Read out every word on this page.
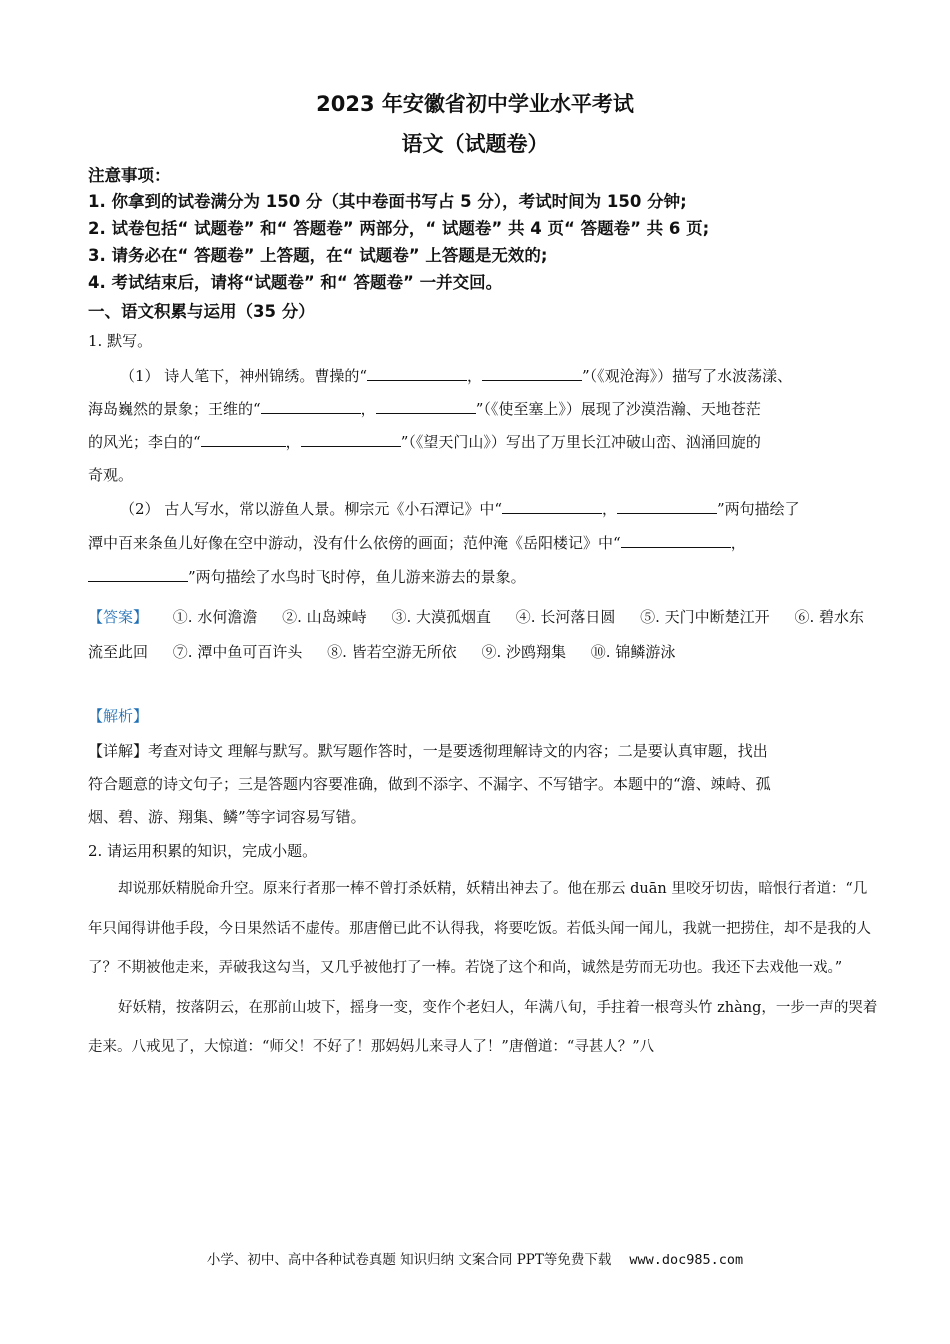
2023 年安徽省初中学业水平考试
语文（试题卷）
注意事项：
1. 你拿到的试卷满分为 150 分（其中卷面书写占 5 分），考试时间为 150 分钟;
2. 试卷包括“ 试题卷” 和“ 答题卷” 两部分，“ 试题卷” 共 4 页“ 答题卷” 共 6 页;
3. 请务必在“ 答题卷” 上答题，在“ 试题卷” 上答题是无效的;
4. 考试结束后，请将“试题卷” 和“ 答题卷” 一并交回。
一、语文积累与运用（35 分）
1. 默写。
（1） 诗人笔下，神州锦绣。曹操的“	，	”（《观沧海》）描写了水波荡漾、
海岛巍然的景象；王维的“	，	”（《使至塞上》）展现了沙漠浩瀚、天地苍茫
的风光；李白的“	，	”（《望天门山》）写出了万里长江冲破山峦、汹涌回旋的
奇观。
（2） 古人写水，常以游鱼人景。柳宗元《小石潭记》中“	，	”两句描绘了
潭中百来条鱼儿好像在空中游动，没有什么依傍的画面；范仲淹《岳阳楼记》中“	，
”两句描绘了水鸟时飞时停，鱼儿游来游去的景象。
【答案】 ①. 水何澹澹 ②. 山岛竦峙 ③. 大漠孤烟直 ④. 长河落日圆 ⑤. 天门中断楚江开 ⑥. 碧水东流至此回 ⑦. 潭中鱼可百许头 ⑧. 皆若空游无所依 ⑨. 沙鸥翔集 ⑩. 锦鳞游泳
【解析】
【详解】考查对诗文 理解与默写。默写题作答时，一是要透彻理解诗文的内容；二是要认真审题，找出
符合题意的诗文句子；三是答题内容要准确，做到不添字、不漏字、不写错字。本题中的“澹、竦峙、孤
烟、碧、游、翔集、鳞”等字词容易写错。
2. 请运用积累的知识，完成小题。

却说那妖精脱命升空。原来行者那一棒不曾打杀妖精，妖精出神去了。他在那云 duān 里咬牙切齿，暗恨行者道：“几年只闻得讲他手段，今日果然话不虚传。那唐僧已此不认得我，将要吃饭。若低头闻一闻儿，我就一把捞住，却不是我的人了？不期被他走来，弄破我这勾当，又几乎被他打了一棒。若饶了这个和尚，诚然是劳而无功也。我还下去戏他一戏。”

好妖精，按落阴云，在那前山坡下，摇身一变，变作个老妇人，年满八旬，手拄着一根弯头竹 zhàng，一步一声的哭着走来。八戒见了，大惊道：“师父！不好了！那妈妈儿来寻人了！”唐僧道：“寻甚人？”八

小学、初中、高中各种试卷真题 知识归纳 文案合同 PPT等免费下载 www.doc985.com
